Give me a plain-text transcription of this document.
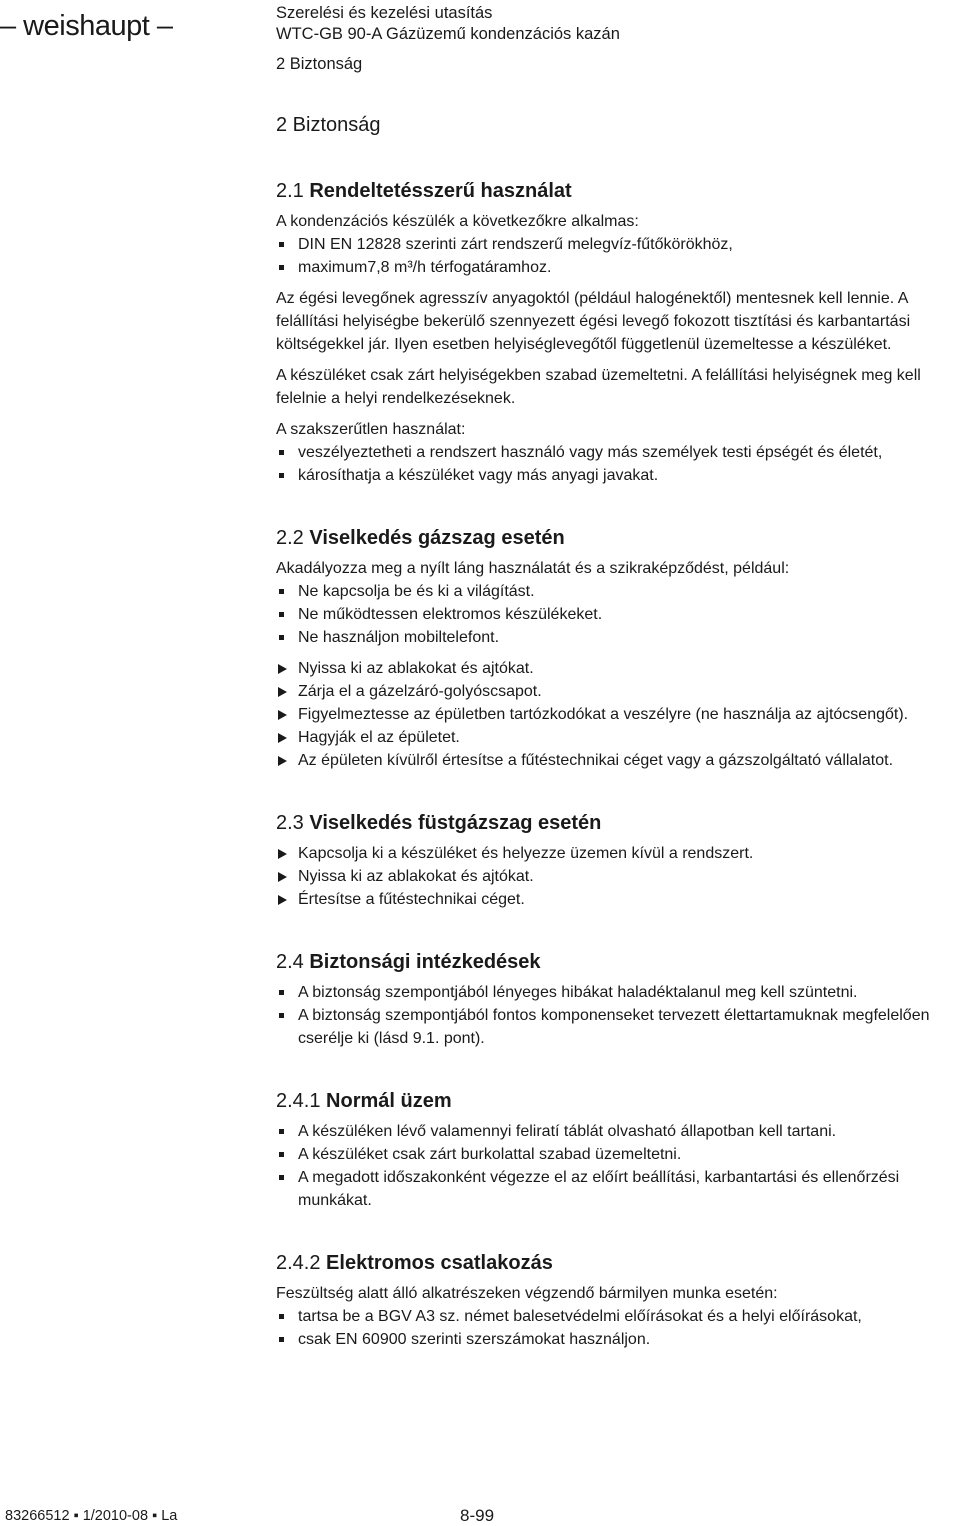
– weishaupt –	Szerelési és kezelési utasítás
WTC-GB 90-A Gázüzemű kondenzációs kazán
2 Biztonság
2 Biztonság
2.1 Rendeltetésszerű használat

A kondenzációs készülék a következőkre alkalmas:

DIN EN 12828 szerinti zárt rendszerű melegvíz-fűtőkörökhöz,
maximum7,8 m³/h térfogatáramhoz.

Az égési levegőnek agresszív anyagoktól (például halogénektől) mentesnek kell lennie. A felállítási helyiségbe bekerülő szennyezett égési levegő fokozott tisztítási és karbantartási költségekkel jár. Ilyen esetben helyiséglevegőtől függetlenül üzemeltesse a készüléket.

A készüléket csak zárt helyiségekben szabad üzemeltetni. A felállítási helyiségnek meg kell felelnie a helyi rendelkezéseknek.

A szakszerűtlen használat:

veszélyeztetheti a rendszert használó vagy más személyek testi épségét és életét,
károsíthatja a készüléket vagy más anyagi javakat.
2.2 Viselkedés gázszag esetén

Akadályozza meg a nyílt láng használatát és a szikraképződést, például:

Ne kapcsolja be és ki a világítást.
Ne működtessen elektromos készülékeket.
Ne használjon mobiltelefont.
Nyissa ki az ablakokat és ajtókat.
Zárja el a gázelzáró-golyóscsapot.
Figyelmeztesse az épületben tartózkodókat a veszélyre (ne használja az ajtócsengőt).
Hagyják el az épületet.
Az épületen kívülről értesítse a fűtéstechnikai céget vagy a gázszolgáltató vállalatot.
2.3 Viselkedés füstgázszag esetén
Kapcsolja ki a készüléket és helyezze üzemen kívül a rendszert.
Nyissa ki az ablakokat és ajtókat.
Értesítse a fűtéstechnikai céget.
2.4 Biztonsági intézkedések
A biztonság szempontjából lényeges hibákat haladéktalanul meg kell szüntetni.
A biztonság szempontjából fontos komponenseket tervezett élettartamuknak megfelelően cserélje ki (lásd 9.1. pont).
2.4.1 Normál üzem
A készüléken lévő valamennyi feliratí táblát olvasható állapotban kell tartani.
A készüléket csak zárt burkolattal szabad üzemeltetni.
A megadott időszakonként végezze el az előírt beállítási, karbantartási és ellenőrzési munkákat.
2.4.2 Elektromos csatlakozás

Feszültség alatt álló alkatrészeken végzendő bármilyen munka esetén:

tartsa be a BGV A3 sz. német balesetvédelmi előírásokat és a helyi előírásokat,
csak EN 60900 szerinti szerszámokat használjon.
83266512 ▪ 1/2010-08 ▪ La	8-99
